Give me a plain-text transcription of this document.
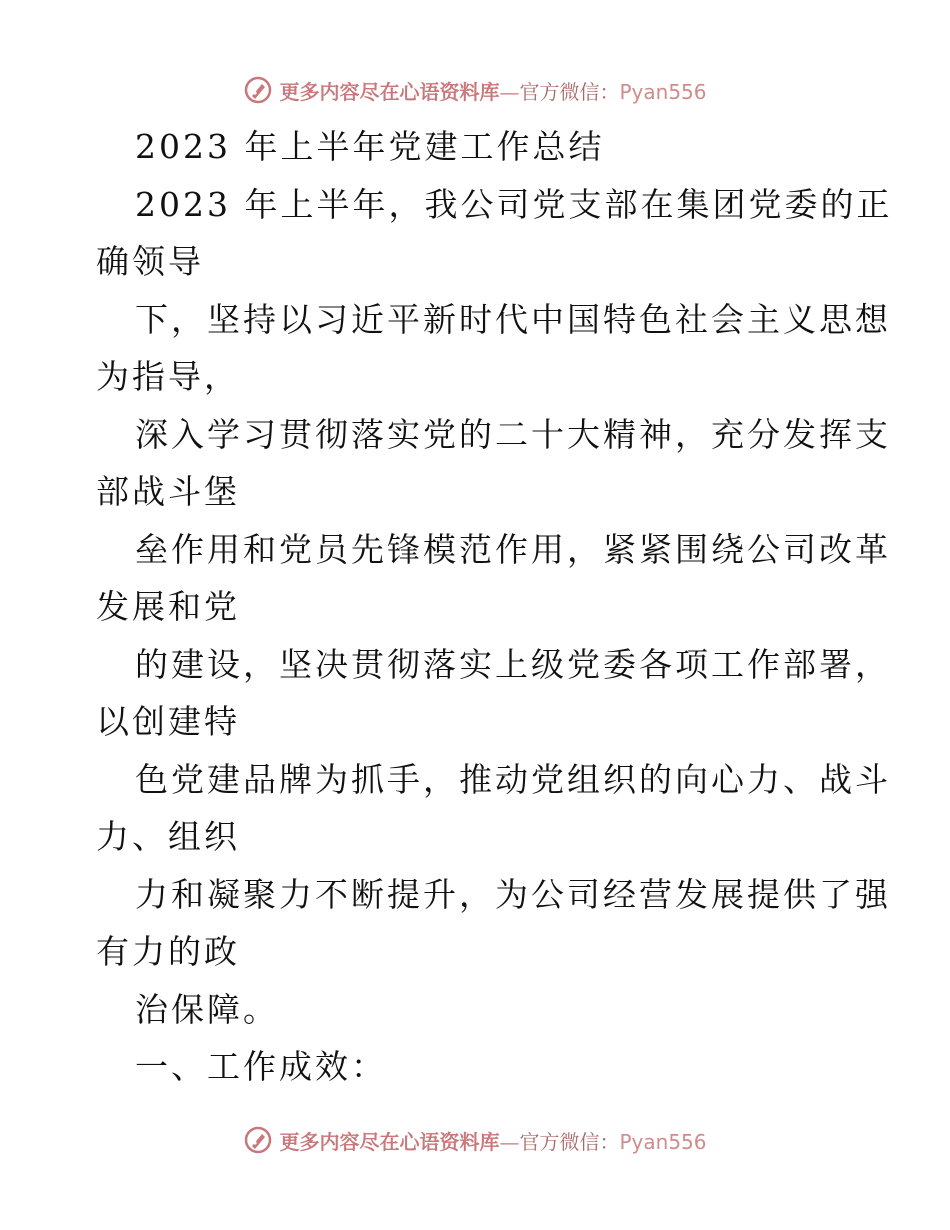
更多内容尽在心语资料库—官方微信：Pyan556
2023 年上半年党建工作总结
2023 年上半年，我公司党支部在集团党委的正
确领导
下，坚持以习近平新时代中国特色社会主义思想
为指导，
深入学习贯彻落实党的二十大精神，充分发挥支
部战斗堡
垒作用和党员先锋模范作用，紧紧围绕公司改革
发展和党
的建设，坚决贯彻落实上级党委各项工作部署，
以创建特
色党建品牌为抓手，推动党组织的向心力、战斗
力、组织
力和凝聚力不断提升，为公司经营发展提供了强
有力的政
治保障。
一、工作成效：
更多内容尽在心语资料库—官方微信：Pyan556
